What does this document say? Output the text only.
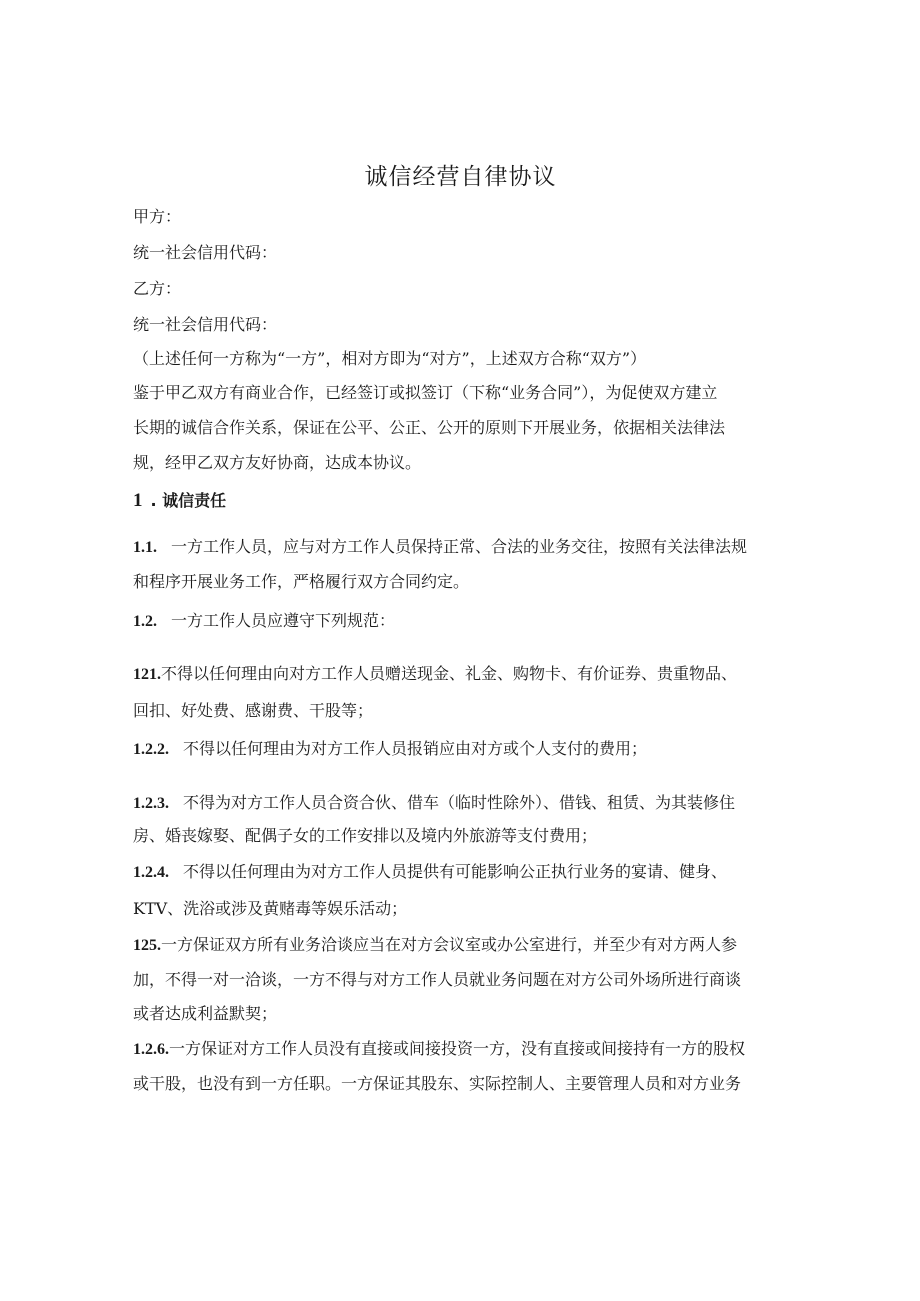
诚信经营自律协议

甲方：

统一社会信用代码：

乙方：

统一社会信用代码：

（上述任何一方称为“一方”，相对方即为“对方”，上述双方合称“双方”）

鉴于甲乙双方有商业合作，已经签订或拟签订（下称“业务合同”），为促使双方建立

长期的诚信合作关系，保证在公平、公正、公开的原则下开展业务，依据相关法律法

规，经甲乙双方友好协商，达成本协议。

1 . 诚信责任

1.1. 一方工作人员，应与对方工作人员保持正常、合法的业务交往，按照有关法律法规

和程序开展业务工作，严格履行双方合同约定。

1.2. 一方工作人员应遵守下列规范：

121.不得以任何理由向对方工作人员赠送现金、礼金、购物卡、有价证券、贵重物品、

回扣、好处费、感谢费、干股等；

1.2.2. 不得以任何理由为对方工作人员报销应由对方或个人支付的费用；

1.2.3. 不得为对方工作人员合资合伙、借车（临时性除外）、借钱、租赁、为其装修住

房、婚丧嫁娶、配偶子女的工作安排以及境内外旅游等支付费用；

1.2.4. 不得以任何理由为对方工作人员提供有可能影响公正执行业务的宴请、健身、

KTV、洗浴或涉及黄赌毒等娱乐活动；

125.一方保证双方所有业务洽谈应当在对方会议室或办公室进行，并至少有对方两人参

加，不得一对一洽谈，一方不得与对方工作人员就业务问题在对方公司外场所进行商谈

或者达成利益默契；

1.2.6.一方保证对方工作人员没有直接或间接投资一方，没有直接或间接持有一方的股权

或干股，也没有到一方任职。一方保证其股东、实际控制人、主要管理人员和对方业务
